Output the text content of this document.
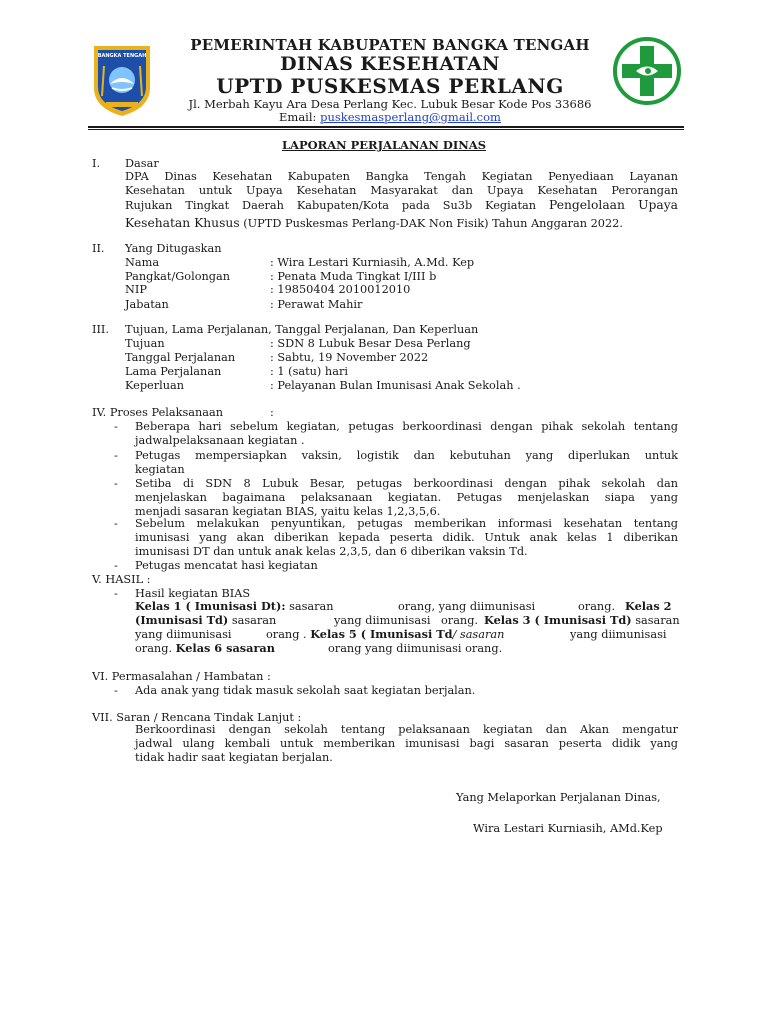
BANGKA TENGAH
PEMERINTAH KABUPATEN BANGKA TENGAH
DINAS KESEHATAN
UPTD PUSKESMAS PERLANG
Jl. Merbah Kayu Ara Desa Perlang Kec. Lubuk Besar Kode Pos 33686
Email: puskesmasperlang@gmail.com
LAPORAN PERJALANAN DINAS
I. Dasar
DPA Dinas Kesehatan Kabupaten Bangka Tengah Kegiatan Penyediaan Layanan
Kesehatan untuk Upaya Kesehatan Masyarakat dan Upaya Kesehatan Perorangan
Rujukan Tingkat Daerah Kabupaten/Kota pada Su3b Kegiatan Pengelolaan Upaya
Kesehatan Khusus (UPTD Puskesmas Perlang-DAK Non Fisik) Tahun Anggaran 2022.
II. Yang Ditugaskan
Nama	: Wira Lestari Kurniasih, A.Md. Kep
Pangkat/Golongan	: Penata Muda Tingkat I/III b
NIP	: 19850404 2010012010
Jabatan	: Perawat Mahir
III. Tujuan, Lama Perjalanan, Tanggal Perjalanan, Dan Keperluan
Tujuan	: SDN 8 Lubuk Besar Desa Perlang
Tanggal Perjalanan	: Sabtu, 19 November 2022
Lama Perjalanan	: 1 (satu) hari
Keperluan	: Pelayanan Bulan Imunisasi Anak Sekolah .
IV. Proses Pelaksanaan	:
- Beberapa hari sebelum kegiatan, petugas berkoordinasi dengan pihak sekolah tentang
jadwalpelaksanaan kegiatan .
- Petugas mempersiapkan vaksin, logistik dan kebutuhan yang diperlukan untuk
kegiatan
- Setiba di SDN 8 Lubuk Besar, petugas berkoordinasi dengan pihak sekolah dan
menjelaskan bagaimana pelaksanaan kegiatan. Petugas menjelaskan siapa yang
menjadi sasaran kegiatan BIAS, yaitu kelas 1,2,3,5,6.
- Sebelum melakukan penyuntikan, petugas memberikan informasi kesehatan tentang
imunisasi yang akan diberikan kepada peserta didik. Untuk anak kelas 1 diberikan
imunisasi DT dan untuk anak kelas 2,3,5, dan 6 diberikan vaksin Td.
- Petugas mencatat hasi kegiatan
V. HASIL :
- Hasil kegiatan BIAS
Kelas 1 ( Imunisasi Dt): sasaran	orang, yang diimunisasi	orang. Kelas 2
(Imunisasi Td) sasaran	yang diimunisasi orang. Kelas 3 ( Imunisasi Td) sasaran
yang diimunisasi	orang . Kelas 5 ( Imunisasi Td/ sasaran	yang diimunisasi
orang. Kelas 6 sasaran	orang yang diimunisasi orang.
VI. Permasalahan / Hambatan :
- Ada anak yang tidak masuk sekolah saat kegiatan berjalan.
VII. Saran / Rencana Tindak Lanjut :
Berkoordinasi dengan sekolah tentang pelaksanaan kegiatan dan Akan mengatur
jadwal ulang kembali untuk memberikan imunisasi bagi sasaran peserta didik yang
tidak hadir saat kegiatan berjalan.
Yang Melaporkan Perjalanan Dinas,
Wira Lestari Kurniasih, AMd.Kep
